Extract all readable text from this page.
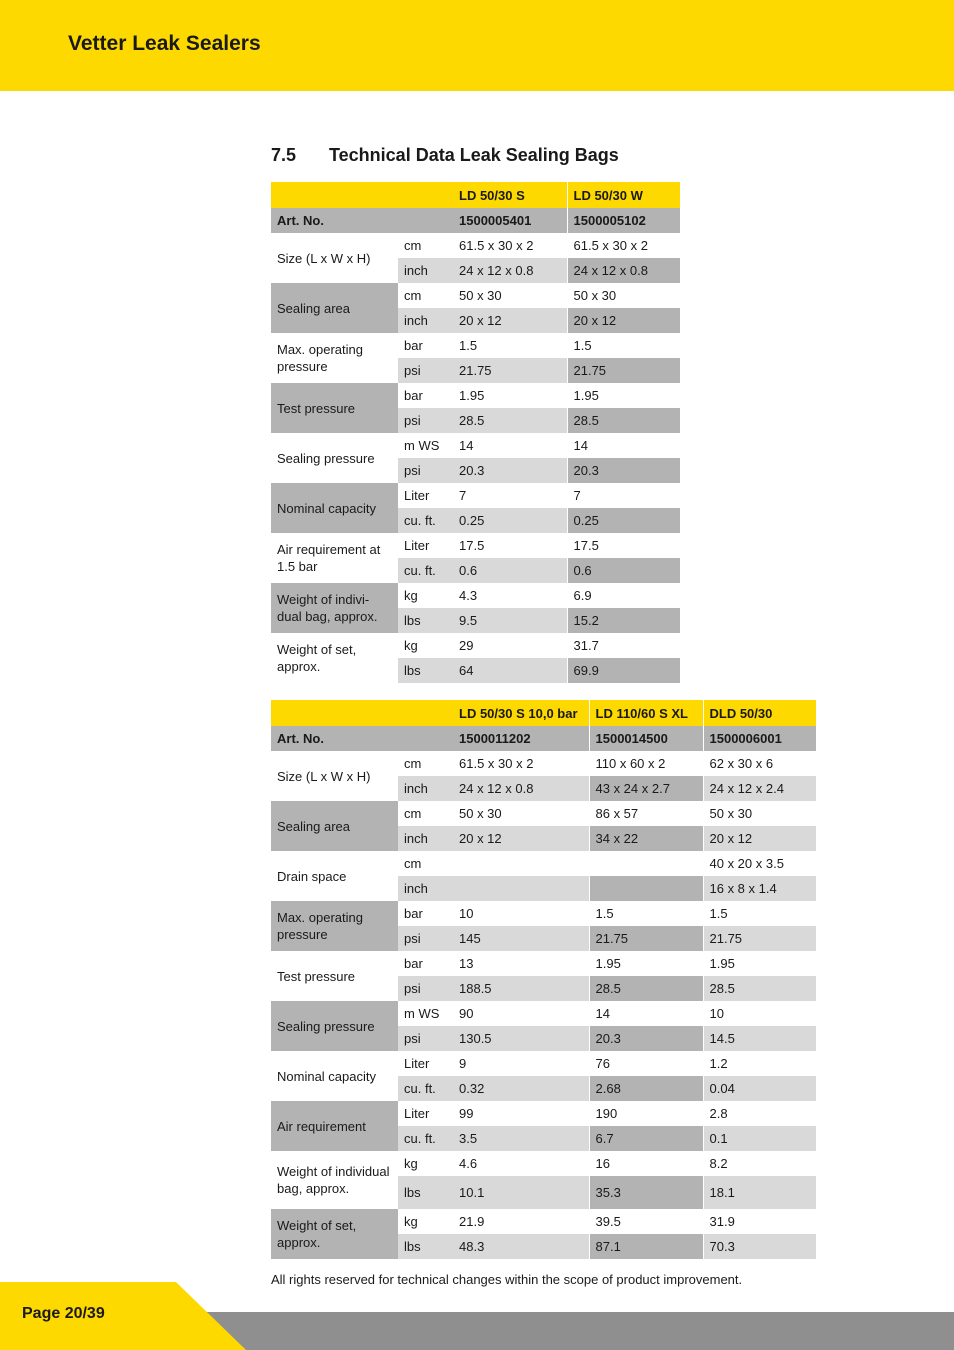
Vetter Leak Sealers
7.5	Technical Data Leak Sealing Bags
		LD 50/30 S	LD 50/30 W
Art. No.		1500005401	1500005102
Size (L x W x H)	cm	61.5 x 30 x 2	61.5 x 30 x 2
	inch	24 x 12 x 0.8	24 x 12 x 0.8
Sealing area	cm	50 x 30	50 x 30
	inch	20 x 12	20 x 12
Max. operating pressure	bar	1.5	1.5
	psi	21.75	21.75
Test pressure	bar	1.95	1.95
	psi	28.5	28.5
Sealing pressure	m WS	14	14
	psi	20.3	20.3
Nominal capacity	Liter	7	7
	cu. ft.	0.25	0.25
Air requirement at 1.5 bar	Liter	17.5	17.5
	cu. ft.	0.6	0.6
Weight of indivi-dual bag, approx.	kg	4.3	6.9
	lbs	9.5	15.2
Weight of set, approx.	kg	29	31.7
	lbs	64	69.9
		LD 50/30 S 10,0 bar	LD 110/60 S XL	DLD 50/30
Art. No.		1500011202	1500014500	1500006001
Size (L x W x H)	cm	61.5 x 30 x 2	110 x 60 x 2	62 x 30 x 6
	inch	24 x 12 x 0.8	43 x 24 x 2.7	24 x 12 x 2.4
Sealing area	cm	50 x 30	86 x 57	50 x 30
	inch	20 x 12	34 x 22	20 x 12
Drain space	cm			40 x 20 x 3.5
	inch			16 x 8 x 1.4
Max. operating pressure	bar	10	1.5	1.5
	psi	145	21.75	21.75
Test pressure	bar	13	1.95	1.95
	psi	188.5	28.5	28.5
Sealing pressure	m WS	90	14	10
	psi	130.5	20.3	14.5
Nominal capacity	Liter	9	76	1.2
	cu. ft.	0.32	2.68	0.04
Air requirement	Liter	99	190	2.8
	cu. ft.	3.5	6.7	0.1
Weight of individual bag, approx.	kg	4.6	16	8.2
	lbs	10.1	35.3	18.1
Weight of set, approx.	kg	21.9	39.5	31.9
	lbs	48.3	87.1	70.3
All rights reserved for technical changes within the scope of product improvement.
Page 20/39
